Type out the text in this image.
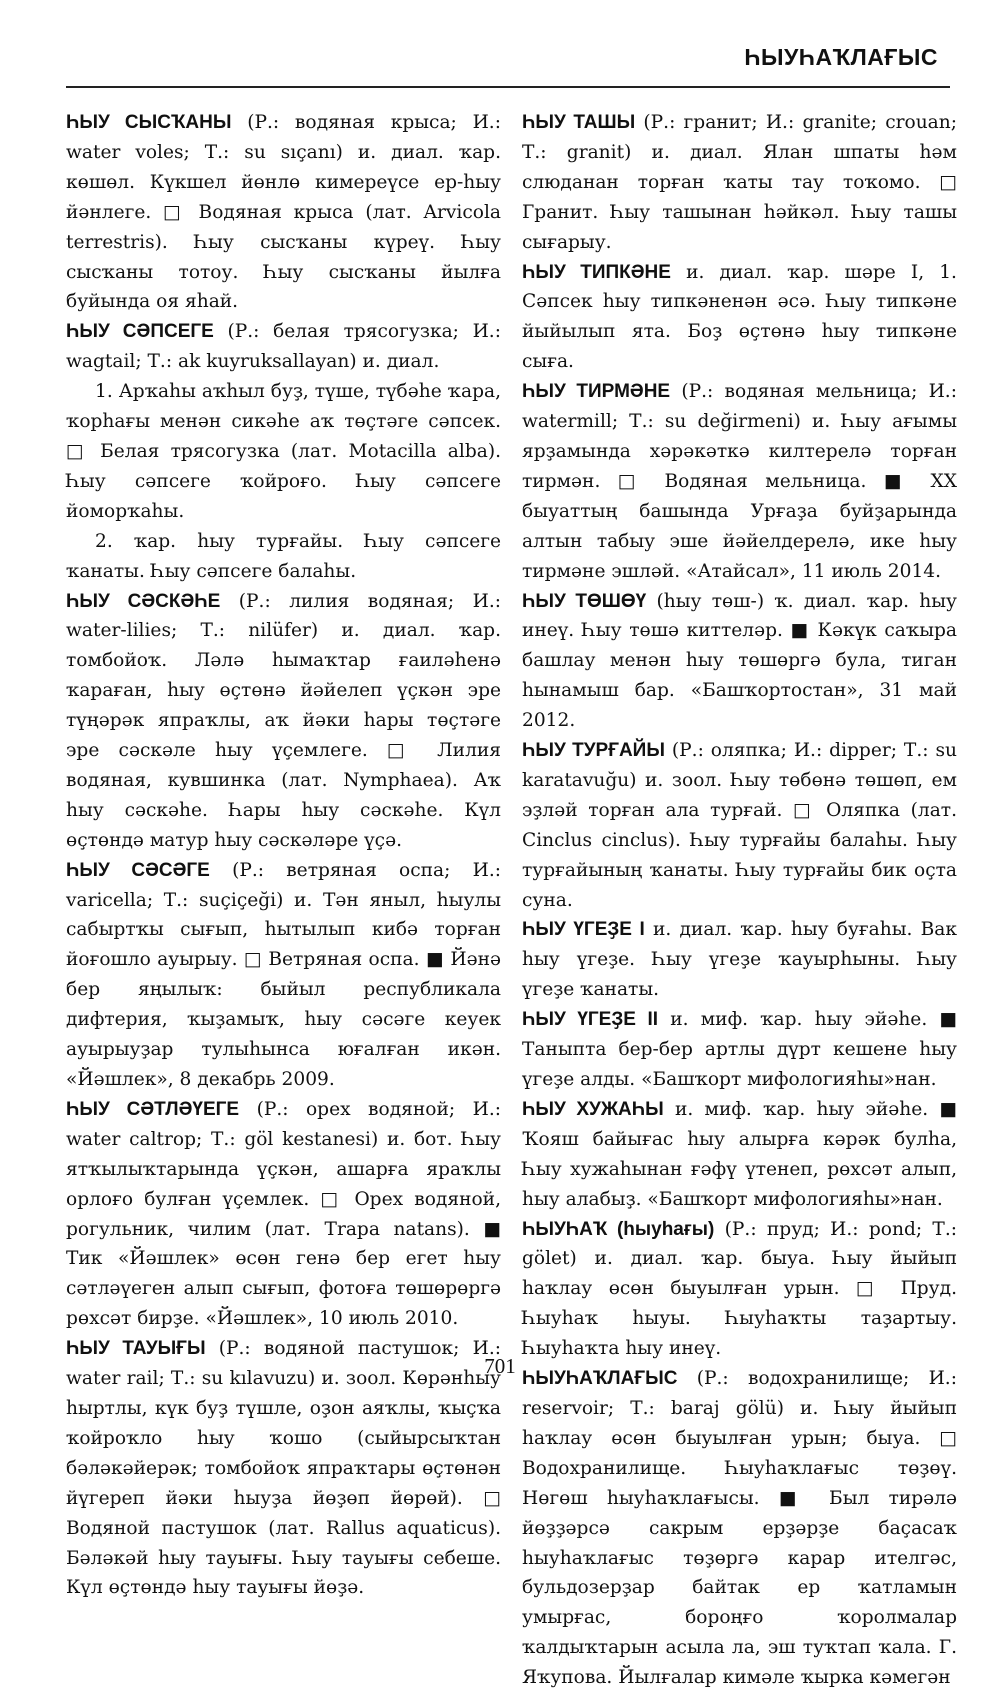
ҺЫУҺАҠЛАҒЫС

ҺЫУ СЫСҠАНЫ (Р.: водяная крыса; И.: water voles; Т.: su sıçanı) и. диал. ҡар. көшөл. Күкшел йөнлө кимереүсе ер-һыу йәнлеге. □ Водяная крыса (лат. Arvicola terrestris). Һыу сысҡаны күреү. Һыу сысҡаны тотоу. Һыу сысҡаны йылға буйында оя яһай.

ҺЫУ СӘПСЕГЕ (Р.: белая трясогузка; И.: wagtail; Т.: ak kuyruksallayan) и. диал.

1. Арҡаһы аҡһыл буҙ, түше, түбәһе ҡара, ҡорһағы менән сикәһе аҡ төҫтәге сәпсек. □ Белая трясогузка (лат. Motacilla alba). Һыу сәпсеге ҡойроғо. Һыу сәпсеге йоморҡаһы.

2. ҡар. һыу турғайы. Һыу сәпсеге ҡанаты. Һыу сәпсеге балаһы.

ҺЫУ СӘСКӘҺЕ (Р.: лилия водяная; И.: water-lilies; Т.: nilüfer) и. диал. ҡар. томбойоҡ. Ләлә һымаҡтар ғаиләһенә ҡараған, һыу өҫтөнә йәйелеп үҫкән эре түңәрәк япраҡлы, аҡ йәки һары төҫтәге эре сәскәле һыу үҫемлеге. □ Лилия водяная, кувшинка (лат. Nymphaea). Аҡ һыу сәскәһе. Һары һыу сәскәһе. Күл өҫтөндә матур һыу сәскәләре үҫә.

ҺЫУ СӘСӘГЕ (Р.: ветряная оспа; И.: varicella; Т.: suçiçeği) и. Тән яныл, һыулы сабыртҡы сығып, һытылып кибә торған йоғошло ауырыу. □ Ветряная оспа. ■ Йәнә бер яңылыҡ: быйыл республикала дифтерия, ҡыҙамыҡ, һыу сәсәге кеуек ауырыуҙар тулыһынса юғалған икән. «Йәшлек», 8 декабрь 2009.

ҺЫУ СӘТЛӘҮЕГЕ (Р.: орех водяной; И.: water caltrop; Т.: göl kestanesi) и. бот. Һыу ятҡылыҡтарында үҫкән, ашарға яраҡлы орлоғо булған үҫемлек. □ Орех водяной, рогульник, чилим (лат. Trapa natans). ■ Тик «Йәшлек» өсөн генә бер егет һыу сәтләүеген алып сығып, фотоға төшөрөргә рөхсәт бирҙе. «Йәшлек», 10 июль 2010.

ҺЫУ ТАУЫҒЫ (Р.: водяной пастушок; И.: water rail; Т.: su kılavuzu) и. зоол. Көрәнһыу һыртлы, күк буҙ түшле, оҙон аяҡлы, ҡыҫҡа ҡойроҡло һыу ҡошо (сыйырсыҡтан бәләкәйерәк; томбойоҡ япраҡтары өҫтөнән йүгереп йәки һыуҙа йөҙөп йөрөй). □ Водяной пастушок (лат. Rallus aquaticus). Бәләкәй һыу тауығы. Һыу тауығы себеше. Күл өҫтөндә һыу тауығы йөҙә.

ҺЫУ ТАШЫ (Р.: гранит; И.: granite; crouan; Т.: granit) и. диал. Ялан шпаты һәм слюданан торған ҡаты тау тоҡомо. □ Гранит. Һыу ташынан һәйкәл. Һыу ташы сығарыу.

ҺЫУ ТИПКӘНЕ и. диал. ҡар. шәре I, 1. Сәпсек һыу типкәненән әсә. Һыу типкәне йыйылып ята. Боҙ өҫтөнә һыу типкәне сыға.

ҺЫУ ТИРМӘНЕ (Р.: водяная мельница; И.: watermill; Т.: su değirmeni) и. Һыу ағымы ярҙамында хәрәкәткә килтерелә торған тирмән. □ Водяная мельница. ■ XX быуаттың башында Урғаҙа буйҙарында алтын табыу эше йәйелдерелә, ике һыу тирмәне эшләй. «Атайсал», 11 июль 2014.

ҺЫУ ТӨШӨҮ (һыу төш-) ҡ. диал. ҡар. һыу инеү. Һыу төшә киттеләр. ■ Кәкүк саҡыра башлау менән һыу төшөргә була, тиган һынамыш бар. «Башҡортостан», 31 май 2012.

ҺЫУ ТУРҒАЙЫ (Р.: оляпка; И.: dipper; Т.: su karatavuğu) и. зоол. Һыу төбөнә төшөп, ем эҙләй торған ала турғай. □ Оляпка (лат. Cinclus cinclus). Һыу турғайы балаһы. Һыу турғайының ҡанаты. Һыу турғайы бик оҫта суна.

ҺЫУ ҮГЕҘЕ I и. диал. ҡар. һыу буғаһы. Вак һыу үгеҙе. Һыу үгеҙе ҡауырһыны. Һыу үгеҙе ҡанаты.

ҺЫУ ҮГЕҘЕ II и. миф. ҡар. һыу эйәһе. ■ Таныпта бер-бер артлы дүрт кешене һыу үгеҙе алды. «Башҡорт мифологияһы»нан.

ҺЫУ ХУЖАҺЫ и. миф. ҡар. һыу эйәһе. ■ Ҡояш байығас һыу алырға кәрәк булһа, Һыу хужаһынан ғәфү үтенеп, рөхсәт алып, һыу алабыҙ. «Башҡорт мифологияһы»нан.

ҺЫУҺАҠ (һыуһағы) (Р.: пруд; И.: pond; Т.: gölet) и. диал. ҡар. быуа. Һыу йыйып һаҡлау өсөн быуылған урын. □ Пруд. Һыуһаҡ һыуы. Һыуһаҡты таҙартыу. Һыуһаҡта һыу инеү.

ҺЫУҺАҠЛАҒЫС (Р.: водохранилище; И.: reservoir; Т.: baraj gölü) и. Һыу йыйып һаҡлау өсөн быуылған урын; быуа. □ Водохранилище. Һыуһаҡлағыс төҙөү. Нөгөш һыуһаҡлағысы. ■ Был тирәлә йөҙҙәрсә сакрым ерҙәрҙе баҫасаҡ һыуһаҡлағыс төҙөргә карар ителгәс, бульдозерҙар байтак ер ҡатламын умырғас, бороңғо ҡоролмалар ҡалдыҡтарын асыла ла, эш туҡтап ҡала. Г. Яҡупова. Йылғалар кимәле ҡырка кәмегән

701
